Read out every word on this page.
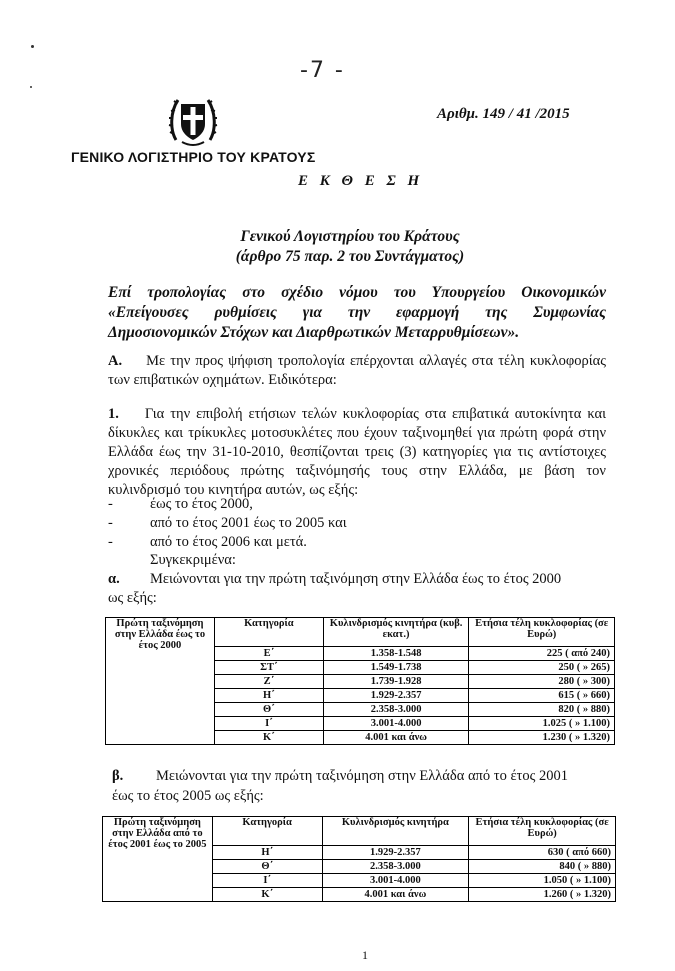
-7 -
Αριθμ. 149 / 41 /2015
ΓΕΝΙΚΟ ΛΟΓΙΣΤΗΡΙΟ ΤΟΥ ΚΡΑΤΟΥΣ
Ε Κ Θ Ε Σ Η
Γενικού Λογιστηρίου του Κράτους
(άρθρο 75 παρ. 2 του Συντάγματος)
Επί τροπολογίας στο σχέδιο νόμου του Υπουργείου Οικονομικών
«Επείγουσες ρυθμίσεις για την εφαρμογή της Συμφωνίας
Δημοσιονομικών Στόχων και Διαρθρωτικών Μεταρρυθμίσεων».

Α. Με την προς ψήφιση τροπολογία επέρχονται αλλαγές στα τέλη κυκλοφορίας των επιβατικών οχημάτων. Ειδικότερα:

1. Για την επιβολή ετήσιων τελών κυκλοφορίας στα επιβατικά αυτοκίνητα και δίκυκλες και τρίκυκλες μοτοσυκλέτες που έχουν ταξινομηθεί για πρώτη φορά στην Ελλάδα έως την 31-10-2010, θεσπίζονται τρεις (3) κατηγορίες για τις αντίστοιχες χρονικές περιόδους πρώτης ταξινόμησής τους στην Ελλάδα, με βάση τον κυλινδρισμό του κινητήρα αυτών, ως εξής:

-	έως το έτος 2000,
-	από το έτος 2001 έως το 2005 και
-	από το έτος 2006 και μετά.
Συγκεκριμένα:
α. Μειώνονται για την πρώτη ταξινόμηση στην Ελλάδα έως το έτος 2000
ως εξής:
Πρώτη ταξινόμηση στην Ελλάδα έως το έτος 2000	Κατηγορία	Κυλινδρισμός κινητήρα (κυβ. εκατ.)	Ετήσια τέλη κυκλοφορίας (σε Ευρώ)
	Ε΄	1.358-1.548	225 ( από 240)
	ΣΤ΄	1.549-1.738	250 ( » 265)
	Ζ΄	1.739-1.928	280 ( » 300)
	Η΄	1.929-2.357	615 ( » 660)
	Θ΄	2.358-3.000	820 ( » 880)
	Ι΄	3.001-4.000	1.025 ( » 1.100)
	Κ΄	4.001 και άνω	1.230 ( » 1.320)
β. Μειώνονται για την πρώτη ταξινόμηση στην Ελλάδα από το έτος 2001
έως το έτος 2005 ως εξής:
Πρώτη ταξινόμηση στην Ελλάδα από το έτος 2001 έως το 2005	Κατηγορία	Κυλινδρισμός κινητήρα	Ετήσια τέλη κυκλοφορίας (σε Ευρώ)
	Η΄	1.929-2.357	630 ( από 660)
	Θ΄	2.358-3.000	840 ( » 880)
	Ι΄	3.001-4.000	1.050 ( » 1.100)
	Κ΄	4.001 και άνω	1.260 ( » 1.320)
1
